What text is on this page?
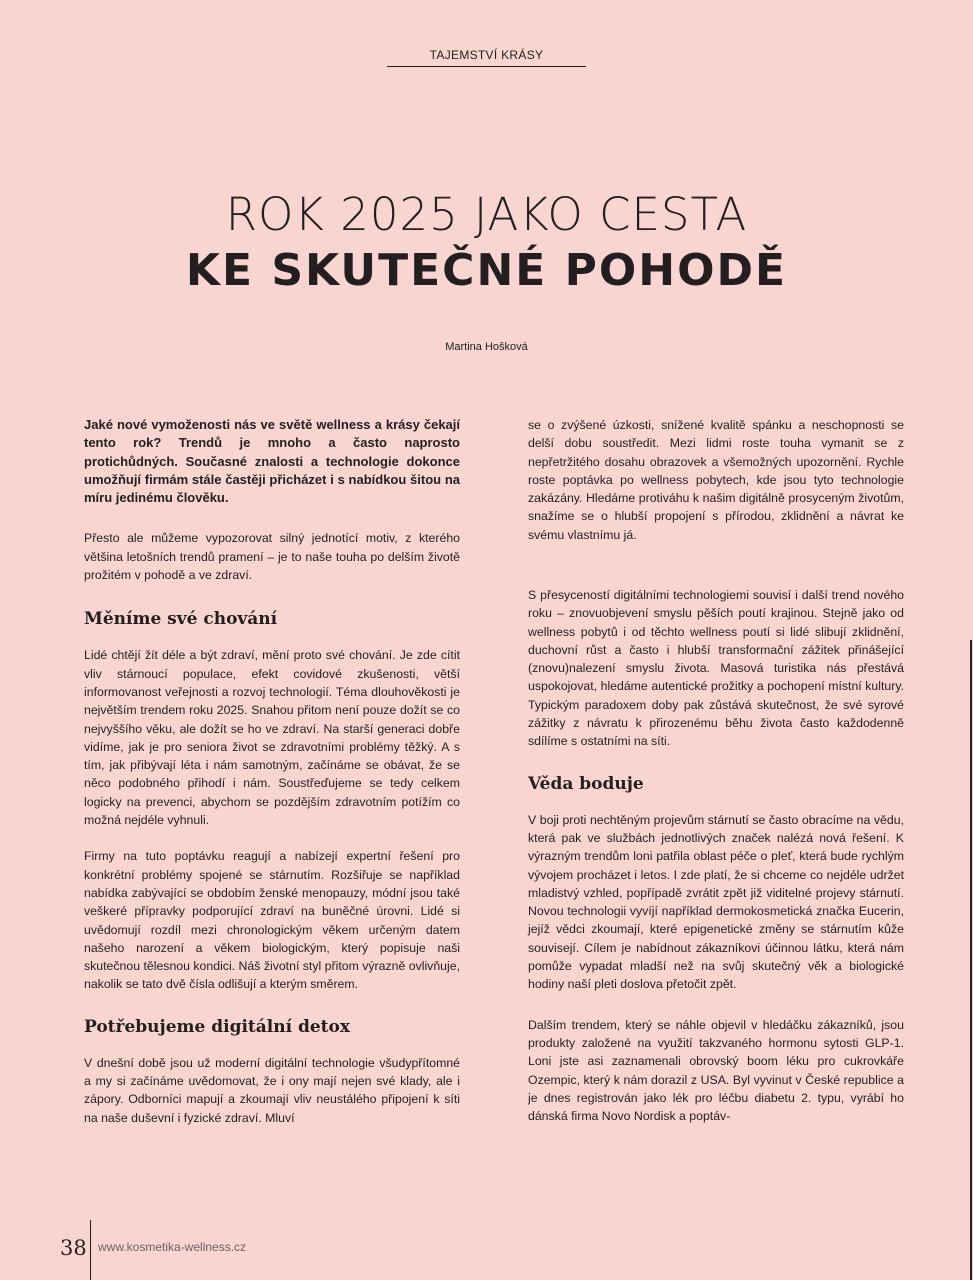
TAJEMSTVÍ KRÁSY
ROK 2025 JAKO CESTA
KE SKUTEČNÉ POHODĚ
Martina Hošková

Jaké nové vymoženosti nás ve světě wellness a krásy čekají tento rok? Trendů je mnoho a často naprosto protichůdných. Současné znalosti a technologie dokonce umožňují firmám stále častěji přicházet i s nabídkou šitou na míru jedinému člověku.

Přesto ale můžeme vypozorovat silný jednotící motiv, z kterého většina letošních trendů pramení – je to naše touha po delším životě prožitém v pohodě a ve zdraví.

Měníme své chování

Lidé chtějí žít déle a být zdraví, mění proto své chování. Je zde cítit vliv stárnoucí populace, efekt covidové zkušenosti, větší informovanost veřejnosti a rozvoj technologií. Téma dlouhověkosti je největším trendem roku 2025. Snahou přitom není pouze dožít se co nejvyššího věku, ale dožít se ho ve zdraví. Na starší generaci dobře vidíme, jak je pro seniora život se zdravotními problémy těžký. A s tím, jak přibývají léta i nám samotným, začínáme se obávat, že se něco podobného přihodí i nám. Soustřeďujeme se tedy celkem logicky na prevenci, abychom se pozdějším zdravotním potížím co možná nejdéle vyhnuli.

Firmy na tuto poptávku reagují a nabízejí expertní řešení pro konkrétní problémy spojené se stárnutím. Rozšiřuje se například nabídka zabývající se obdobím ženské menopauzy, módní jsou také veškeré přípravky podporující zdraví na buněčné úrovni. Lidé si uvědomují rozdíl mezi chronologickým věkem určeným datem našeho narození a věkem biologickým, který popisuje naši skutečnou tělesnou kondici. Náš životní styl přitom výrazně ovlivňuje, nakolik se tato dvě čísla odlišují a kterým směrem.

Potřebujeme digitální detox

V dnešní době jsou už moderní digitální technologie všudypřítomné a my si začínáme uvědomovat, že i ony mají nejen své klady, ale i zápory. Odborníci mapují a zkoumají vliv neustálého připojení k síti na naše duševní i fyzické zdraví. Mluví

se o zvýšené úzkosti, snížené kvalitě spánku a neschopnosti se delší dobu soustředit. Mezi lidmi roste touha vymanit se z nepřetržitého dosahu obrazovek a všemožných upozornění. Rychle roste poptávka po wellness pobytech, kde jsou tyto technologie zakázány. Hledáme protiváhu k našim digitálně prosyceným životům, snažíme se o hlubší propojení s přírodou, zklidnění a návrat ke svému vlastnímu já.

S přesyceností digitálními technologiemi souvisí i další trend nového roku – znovuobjevení smyslu pěších poutí krajinou. Stejně jako od wellness pobytů i od těchto wellness poutí si lidé slibují zklidnění, duchovní růst a často i hlubší transformační zážitek přinášející (znovu)nalezení smyslu života. Masová turistika nás přestává uspokojovat, hledáme autentické prožitky a pochopení místní kultury. Typickým paradoxem doby pak zůstává skutečnost, že své syrové zážitky z návratu k přirozenému běhu života často každodenně sdílíme s ostatními na síti.

Věda boduje

V boji proti nechtěným projevům stárnutí se často obracíme na vědu, která pak ve službách jednotlivých značek nalézá nová řešení. K výrazným trendům loni patřila oblast péče o pleť, která bude rychlým vývojem procházet i letos. I zde platí, že si chceme co nejdéle udržet mladistvý vzhled, popřípadě zvrátit zpět již viditelné projevy stárnutí. Novou technologii vyvíjí například dermokosmetická značka Eucerin, jejíž vědci zkoumají, které epigenetické změny se stárnutím kůže souvisejí. Cílem je nabídnout zákazníkovi účinnou látku, která nám pomůže vypadat mladší než na svůj skutečný věk a biologické hodiny naší pleti doslova přetočit zpět.

Dalším trendem, který se náhle objevil v hledáčku zákazníků, jsou produkty založené na využití takzvaného hormonu sytosti GLP-1. Loni jste asi zaznamenali obrovský boom léku pro cukrovkáře Ozempic, který k nám dorazil z USA. Byl vyvinut v České republice a je dnes registrován jako lék pro léčbu diabetu 2. typu, vyrábí ho dánská firma Novo Nordisk a poptáv-

38 www.kosmetika-wellness.cz
